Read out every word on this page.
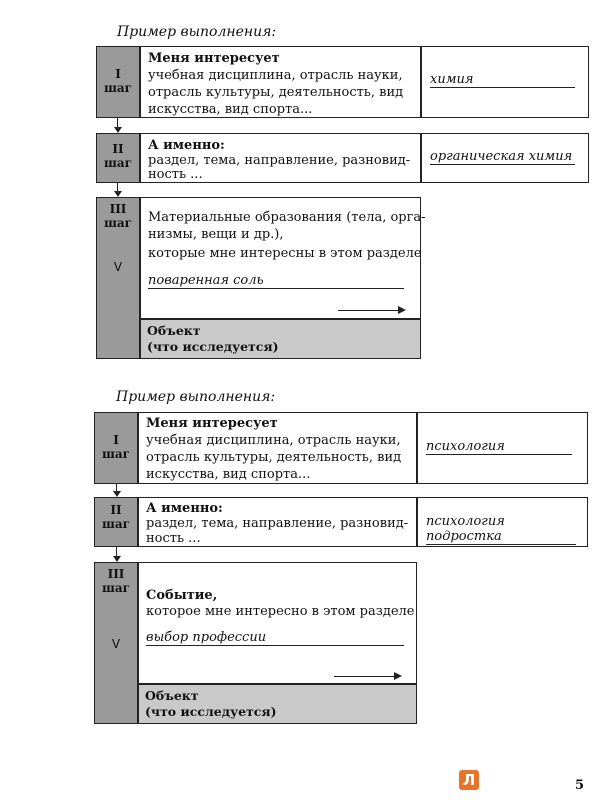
Пример выполнения:
I
шаг
Меня интересует
учебная дисциплина, отрасль науки,
отрасль культуры, деятельность, вид
искусства, вид спорта...
химия
II
шаг
А именно:
раздел, тема, направление, разновид-
ность ...
органическая химия
III
шаг
V
Материальные образования (тела, орга-
низмы, вещи и др.),
которые мне интересны в этом разделе
поваренная соль
Объект
(что исследуется)
Пример выполнения:
I
шаг
Меня интересует
учебная дисциплина, отрасль науки,
отрасль культуры, деятельность, вид
искусства, вид спорта...
психология
II
шаг
А именно:
раздел, тема, направление, разновид-
ность ...
психология подростка
III
шаг
V
Событие,
которое мне интересно в этом разделе
выбор профессии
Объект
(что исследуется)
Л	5
